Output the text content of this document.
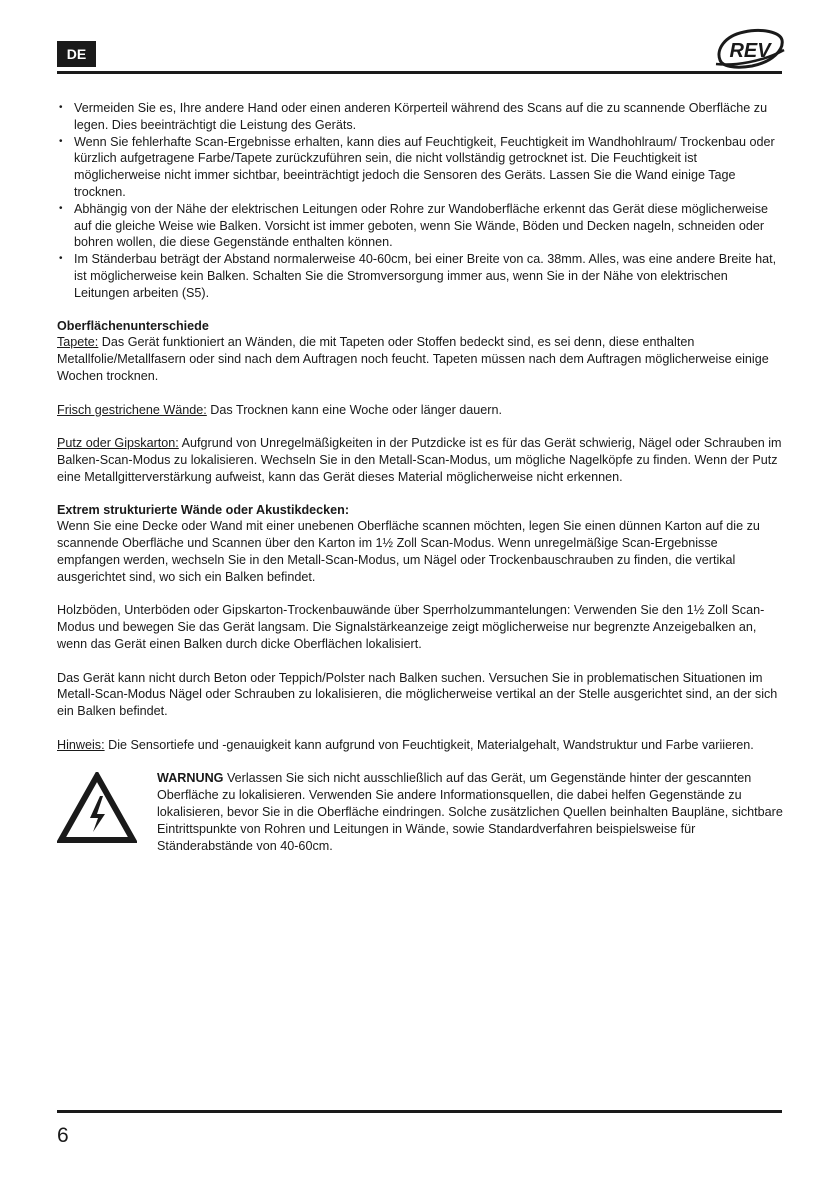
DE	REV
• Vermeiden Sie es, Ihre andere Hand oder einen anderen Körperteil während des Scans auf die zu scannende Oberfläche zu legen. Dies beeinträchtigt die Leistung des Geräts.
• Wenn Sie fehlerhafte Scan-Ergebnisse erhalten, kann dies auf Feuchtigkeit, Feuchtigkeit im Wandhohlraum/ Trockenbau oder kürzlich aufgetragene Farbe/Tapete zurückzuführen sein, die nicht vollständig getrocknet ist. Die Feuchtigkeit ist möglicherweise nicht immer sichtbar, beeinträchtigt jedoch die Sensoren des Geräts. Lassen Sie die Wand einige Tage trocknen.
• Abhängig von der Nähe der elektrischen Leitungen oder Rohre zur Wandoberfläche erkennt das Gerät diese möglicherweise auf die gleiche Weise wie Balken. Vorsicht ist immer geboten, wenn Sie Wände, Böden und Decken nageln, schneiden oder bohren wollen, die diese Gegenstände enthalten können.
• Im Ständerbau beträgt der Abstand normalerweise 40-60cm, bei einer Breite von ca. 38mm. Alles, was eine andere Breite hat, ist möglicherweise kein Balken. Schalten Sie die Stromversorgung immer aus, wenn Sie in der Nähe von elektrischen Leitungen arbeiten (S5).

Oberflächenunterschiede

Tapete: Das Gerät funktioniert an Wänden, die mit Tapeten oder Stoffen bedeckt sind, es sei denn, diese enthalten Metallfolie/Metallfasern oder sind nach dem Auftragen noch feucht. Tapeten müssen nach dem Auftragen möglicherweise einige Wochen trocknen.

Frisch gestrichene Wände: Das Trocknen kann eine Woche oder länger dauern.

Putz oder Gipskarton: Aufgrund von Unregelmäßigkeiten in der Putzdicke ist es für das Gerät schwierig, Nägel oder Schrauben im Balken-Scan-Modus zu lokalisieren. Wechseln Sie in den Metall-Scan-Modus, um mögliche Nagelköpfe zu finden. Wenn der Putz eine Metallgitterverstärkung aufweist, kann das Gerät dieses Material möglicherweise nicht erkennen.

Extrem strukturierte Wände oder Akustikdecken:

Wenn Sie eine Decke oder Wand mit einer unebenen Oberfläche scannen möchten, legen Sie einen dünnen Karton auf die zu scannende Oberfläche und Scannen über den Karton im 1½ Zoll Scan-Modus. Wenn unregelmäßige Scan-Ergebnisse empfangen werden, wechseln Sie in den Metall-Scan-Modus, um Nägel oder Trockenbauschrauben zu finden, die vertikal ausgerichtet sind, wo sich ein Balken befindet.

Holzböden, Unterböden oder Gipskarton-Trockenbauwände über Sperrholzummantelungen: Verwenden Sie den 1½ Zoll Scan-Modus und bewegen Sie das Gerät langsam. Die Signalstärkeanzeige zeigt möglicherweise nur begrenzte Anzeigebalken an, wenn das Gerät einen Balken durch dicke Oberflächen lokalisiert.

Das Gerät kann nicht durch Beton oder Teppich/Polster nach Balken suchen. Versuchen Sie in problematischen Situationen im Metall-Scan-Modus Nägel oder Schrauben zu lokalisieren, die möglicherweise vertikal an der Stelle ausgerichtet sind, an der sich ein Balken befindet.

Hinweis: Die Sensortiefe und -genauigkeit kann aufgrund von Feuchtigkeit, Materialgehalt, Wandstruktur und Farbe variieren.

WARNUNG Verlassen Sie sich nicht ausschließlich auf das Gerät, um Gegenstände hinter der gescannten Oberfläche zu lokalisieren. Verwenden Sie andere Informationsquellen, die dabei helfen Gegenstände zu lokalisieren, bevor Sie in die Oberfläche eindringen. Solche zusätzlichen Quellen beinhalten Baupläne, sichtbare Eintrittspunkte von Rohren und Leitungen in Wände, sowie Standardverfahren beispielsweise für Ständerabstände von 40-60cm.

6
